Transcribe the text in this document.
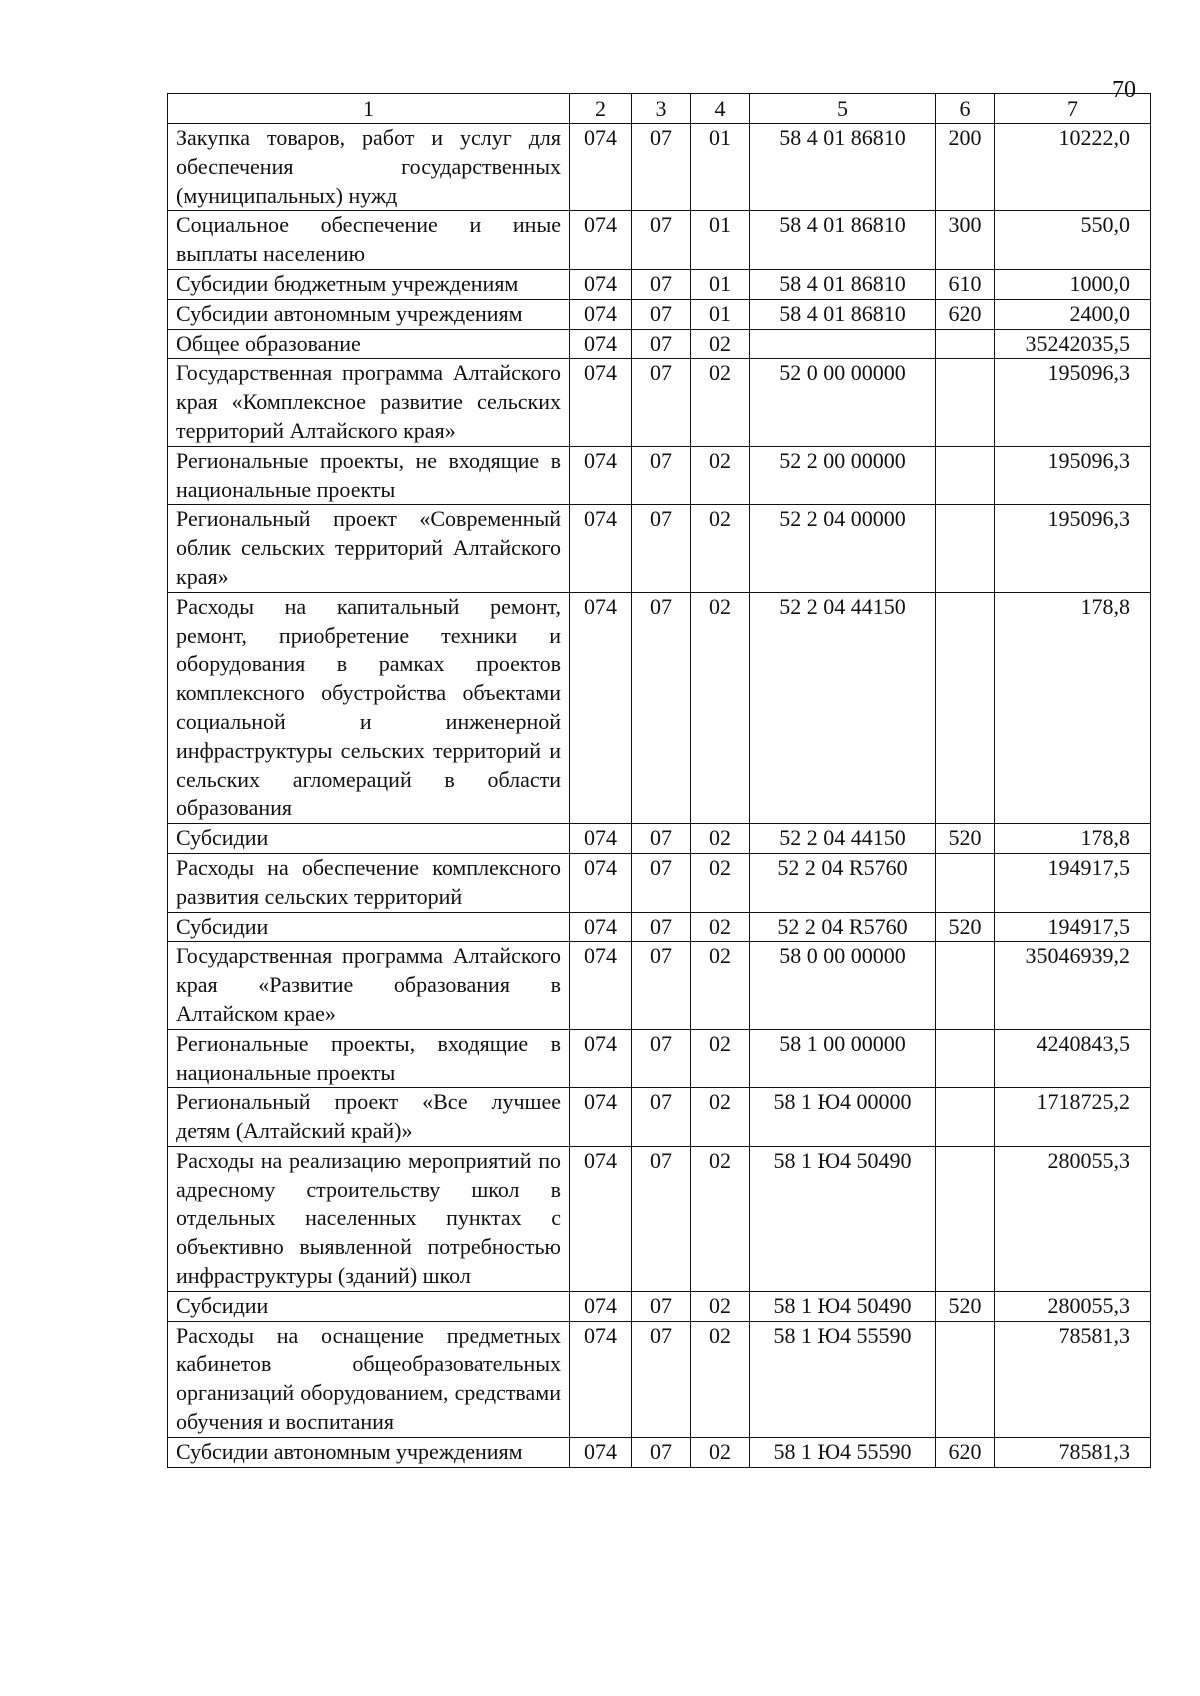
70
1	2	3	4	5	6	7
Закупка товаров, работ и услуг для обеспечения государственных (муниципальных) нужд	074	07	01	58 4 01 86810	200	10222,0
Социальное обеспечение и иные выплаты населению	074	07	01	58 4 01 86810	300	550,0
Субсидии бюджетным учреждениям	074	07	01	58 4 01 86810	610	1000,0
Субсидии автономным учреждениям	074	07	01	58 4 01 86810	620	2400,0
Общее образование	074	07	02			35242035,5
Государственная программа Алтайского края «Комплексное развитие сельских территорий Алтайского края»	074	07	02	52 0 00 00000		195096,3
Региональные проекты, не входящие в национальные проекты	074	07	02	52 2 00 00000		195096,3
Региональный проект «Современный облик сельских территорий Алтайского края»	074	07	02	52 2 04 00000		195096,3
Расходы на капитальный ремонт, ремонт, приобретение техники и оборудования в рамках проектов комплексного обустройства объектами социальной и инженерной инфраструктуры сельских территорий и сельских агломераций в области образования	074	07	02	52 2 04 44150		178,8
Субсидии	074	07	02	52 2 04 44150	520	178,8
Расходы на обеспечение комплексного развития сельских территорий	074	07	02	52 2 04 R5760		194917,5
Субсидии	074	07	02	52 2 04 R5760	520	194917,5
Государственная программа Алтайского края «Развитие образования в Алтайском крае»	074	07	02	58 0 00 00000		35046939,2
Региональные проекты, входящие в национальные проекты	074	07	02	58 1 00 00000		4240843,5
Региональный проект «Все лучшее детям (Алтайский край)»	074	07	02	58 1 Ю4 00000		1718725,2
Расходы на реализацию мероприятий по адресному строительству школ в отдельных населенных пунктах с объективно выявленной потребностью инфраструктуры (зданий) школ	074	07	02	58 1 Ю4 50490		280055,3
Субсидии	074	07	02	58 1 Ю4 50490	520	280055,3
Расходы на оснащение предметных кабинетов общеобразовательных организаций оборудованием, средствами обучения и воспитания	074	07	02	58 1 Ю4 55590		78581,3
Субсидии автономным учреждениям	074	07	02	58 1 Ю4 55590	620	78581,3
